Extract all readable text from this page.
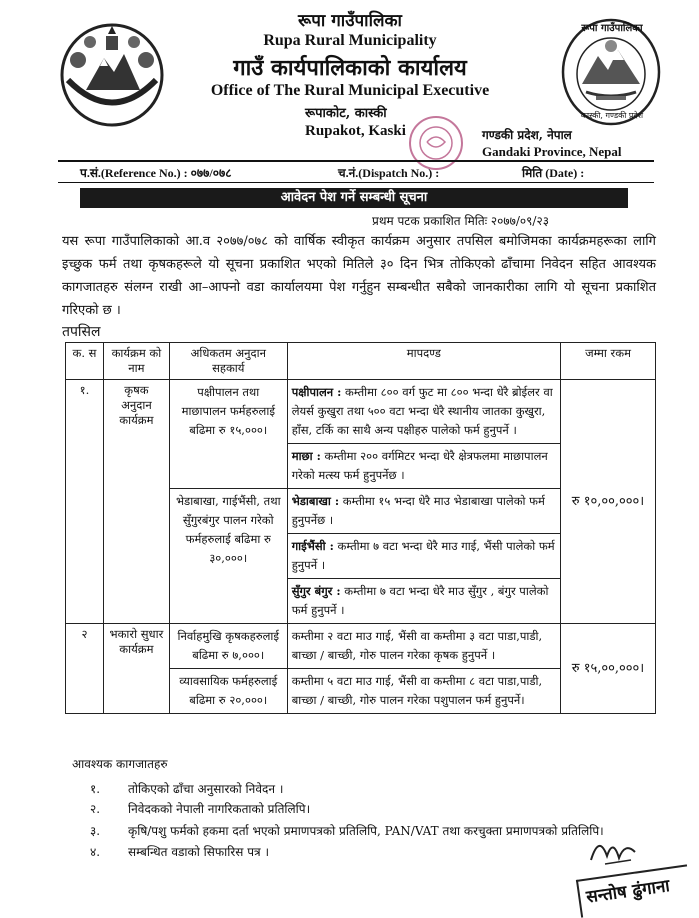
रूपा गाउँपालिका
Rupa Rural Municipality
गाउँ कार्यपालिकाको कार्यालय
Office of The Rural Municipal Executive
रूपाकोट, कास्की
Rupakot, Kaski
रूपा गाउँपालिका
कास्की, गण्डकी प्रदेश
गण्डकी प्रदेश, नेपाल
Gandaki Province, Nepal
प.सं.(Reference No.) : ०७७/०७८	च.नं.(Dispatch No.) :	मिति (Date) :
आवेदन पेश गर्ने सम्बन्धी सूचना
प्रथम पटक प्रकाशित मितिः २०७७/०९/२३
यस रूपा गाउँपालिकाको आ.व २०७७/०७८ को वार्षिक स्वीकृत कार्यक्रम अनुसार तपसिल बमोजिमका कार्यक्रमहरूका लागि इच्छुक फर्म तथा कृषकहरूले यो सूचना प्रकाशित भएको मितिले ३० दिन भित्र तोकिएको ढाँचामा निवेदन सहित आवश्यक कागजातहरु संलग्न राखी आ–आफ्नो वडा कार्यालयमा पेश गर्नुहुन सम्बन्धीत सबैको जानकारीका लागि यो सूचना प्रकाशित गरिएको छ ।
तपसिल
क. स	कार्यक्रम को नाम	अधिकतम अनुदान सहकार्य	मापदण्ड	जम्मा रकम
१.	कृषक अनुदान कार्यक्रम	पक्षीपालन तथा माछापालन फर्महरुलाई बढिमा रु १५,०००।	पक्षीपालन : कम्तीमा ८०० वर्ग फुट मा ८०० भन्दा धेरै ब्रोईलर वा लेयर्स कुखुरा तथा ५०० वटा भन्दा धेरै स्थानीय जातका कुखुरा, हाँस, टर्कि का साथै अन्य पक्षीहरु पालेको फर्म हुनुपर्ने ।	रु १०,००,०००।
			माछा : कम्तीमा २०० वर्गमिटर भन्दा धेरै क्षेत्रफलमा माछापालन गरेको मत्स्य फर्म हुनुपर्नेछ ।	
		भेडाबाखा, गाईभैंसी, तथा सुँगुरबंगुर पालन गरेको फर्महरुलाई बढिमा रु ३०,०००।	भेडाबाखा : कम्तीमा १५ भन्दा धेरै माउ भेडाबाखा पालेको फर्म हुनुपर्नेछ ।	
			गाईभैंसी : कम्तीमा ७ वटा भन्दा धेरै माउ गाई, भैंसी पालेको फर्म हुनुपर्ने ।	
			सुँगुर बंगुर : कम्तीमा ७ वटा भन्दा धेरै माउ सुँगुर , बंगुर पालेको फर्म हुनुपर्ने ।	
२	भकारो सुधार कार्यक्रम	निर्वाहमुखि कृषकहरुलाई बढिमा रु ७,०००।	कम्तीमा २ वटा माउ गाई, भैंसी वा कम्तीमा ३ वटा पाडा,पाडी, बाच्छा / बाच्छी, गोरु पालन गरेका कृषक हुनुपर्ने ।	रु १५,००,०००।
		व्यावसायिक फर्महरुलाई बढिमा रु २०,०००।	कम्तीमा ५ वटा माउ गाई, भैंसी वा कम्तीमा ८ वटा पाडा,पाडी, बाच्छा / बाच्छी, गोरु पालन गरेका पशुपालन फर्म हुनुपर्ने।	
आवश्यक कागजातहरु
१.	तोकिएको ढाँचा अनुसारको निवेदन ।
२.	निवेदकको नेपाली नागरिकताको प्रतिलिपि।
३.	कृषि/पशु फर्मको हकमा दर्ता भएको प्रमाणपत्रको प्रतिलिपि, PAN/VAT तथा करचुक्ता प्रमाणपत्रको प्रतिलिपि।
४.	सम्बन्धित वडाको सिफारिस पत्र ।
सन्तोष ढुंगाना
